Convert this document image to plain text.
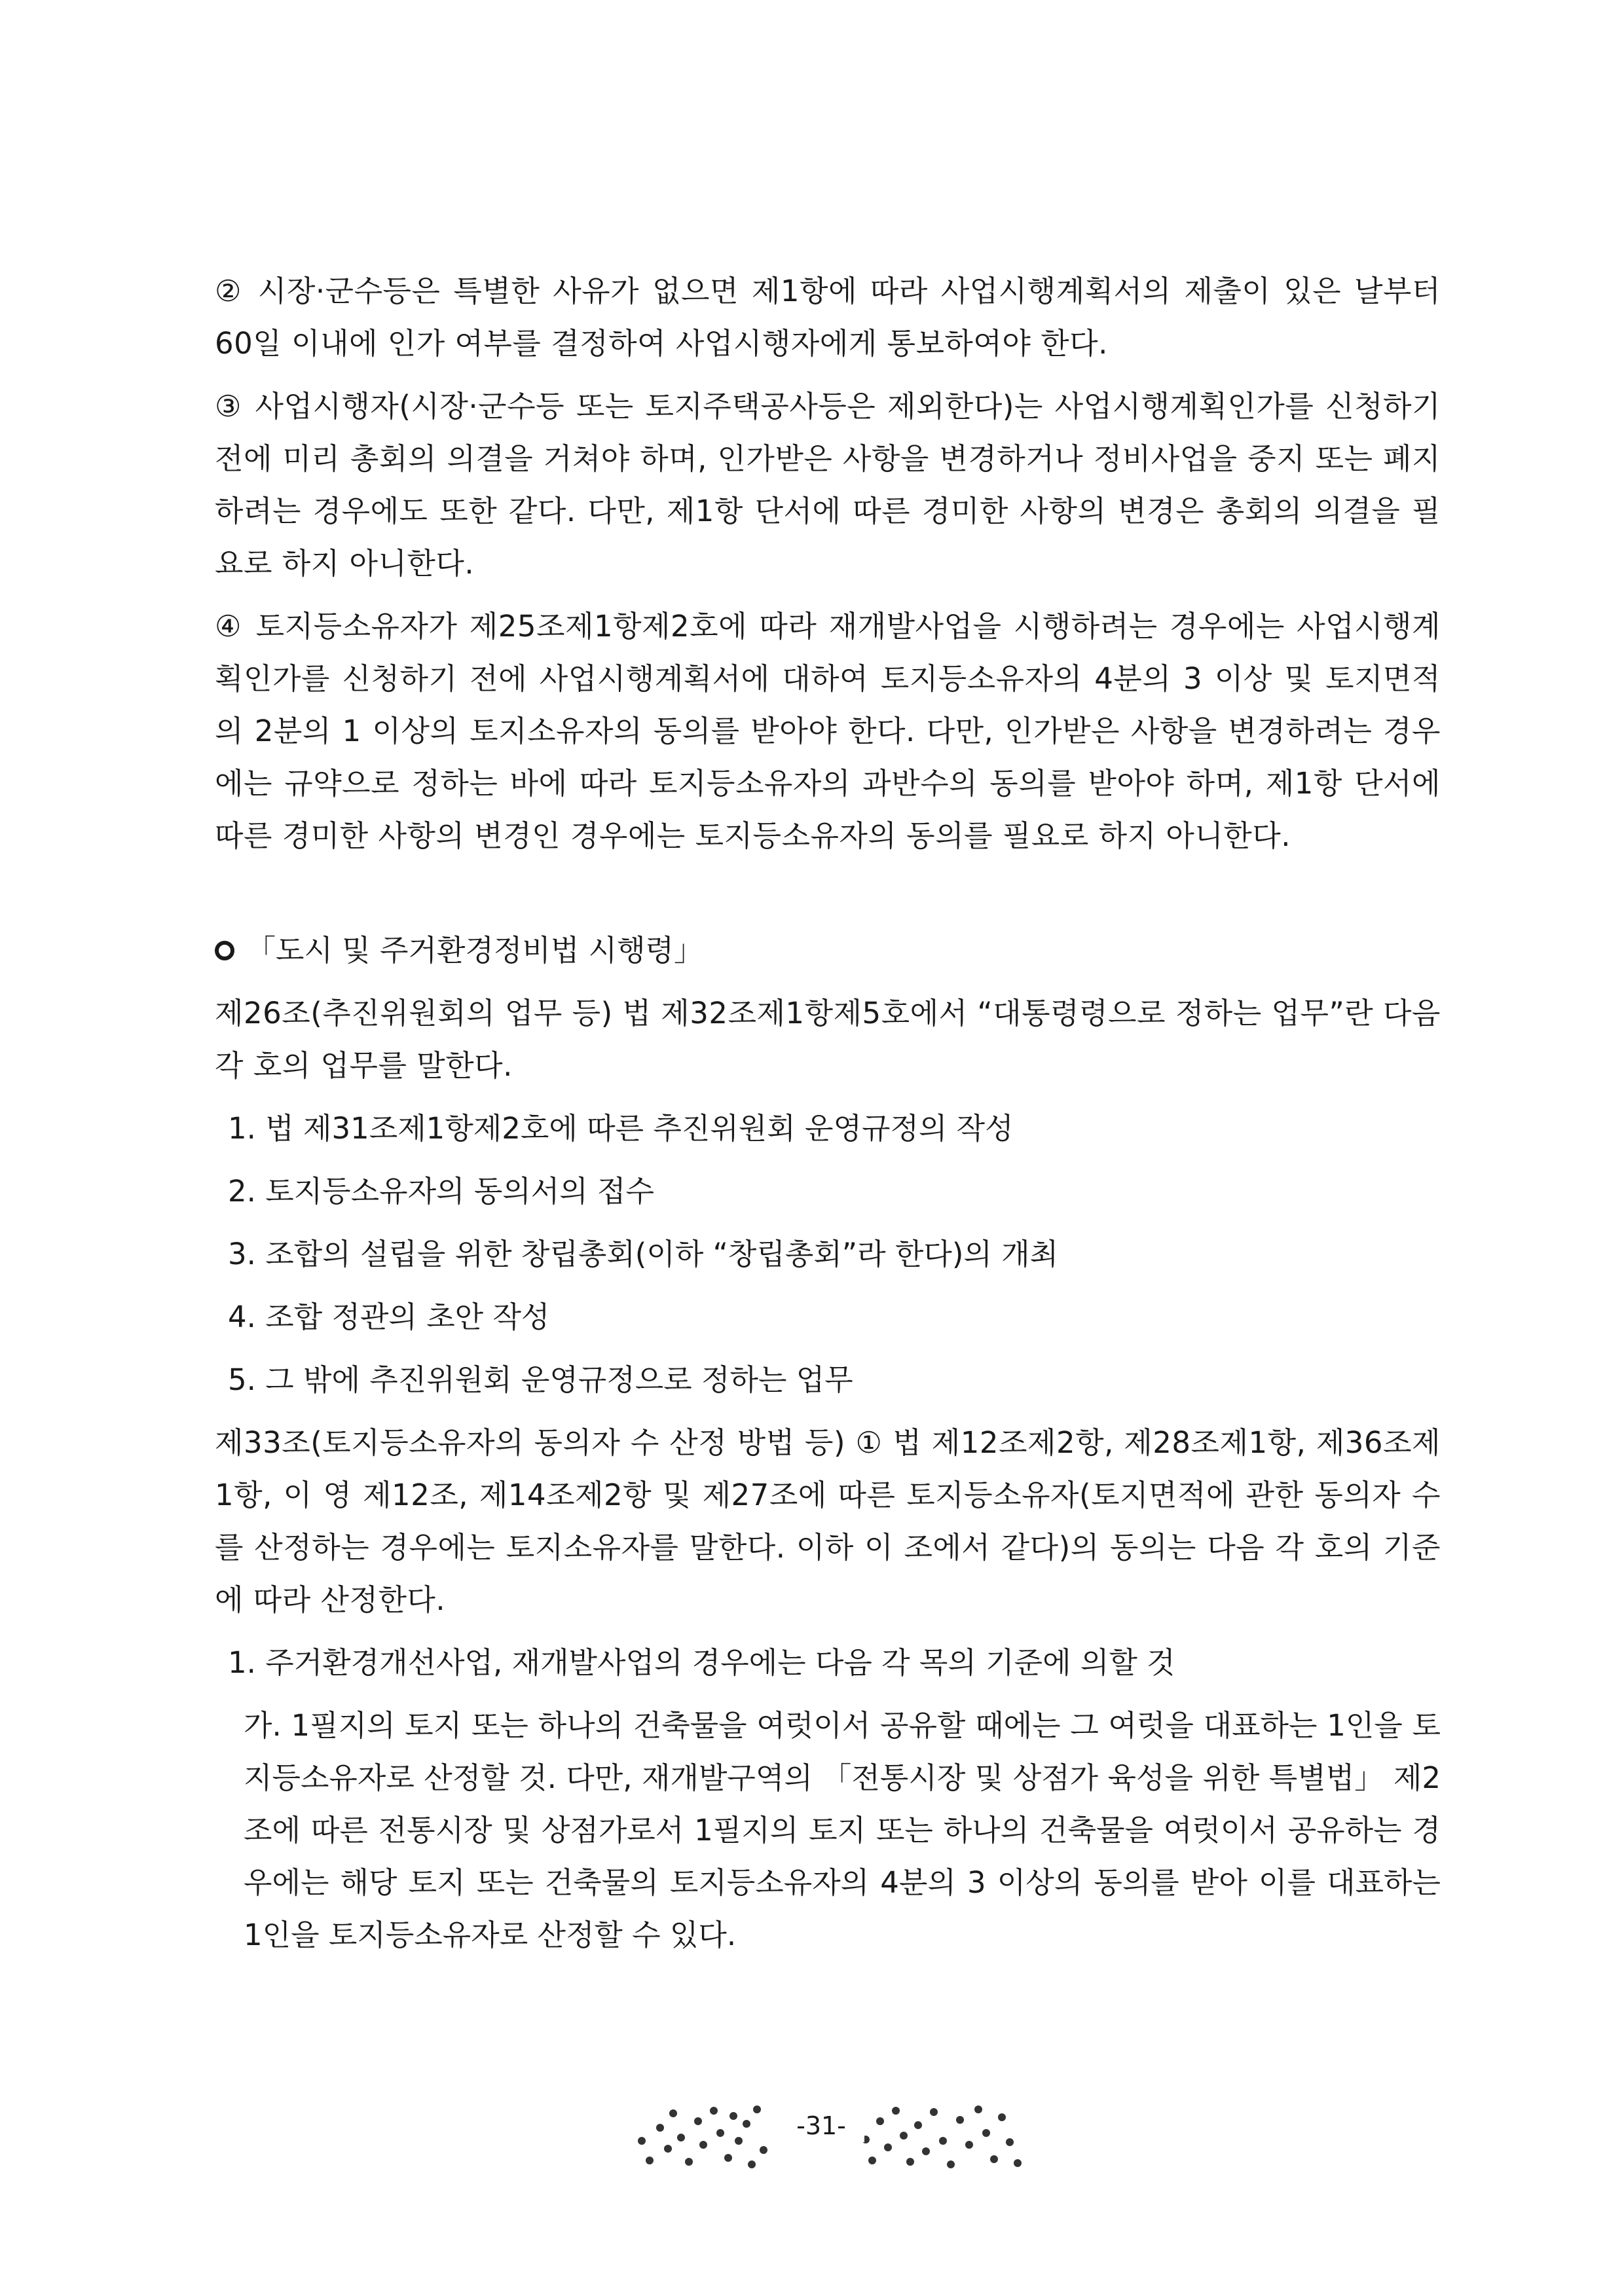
② 시장·군수등은 특별한 사유가 없으면 제1항에 따라 사업시행계획서의 제출이 있은 날부터 60일 이내에 인가 여부를 결정하여 사업시행자에게 통보하여야 한다.

③ 사업시행자(시장·군수등 또는 토지주택공사등은 제외한다)는 사업시행계획인가를 신청하기 전에 미리 총회의 의결을 거쳐야 하며, 인가받은 사항을 변경하거나 정비사업을 중지 또는 폐지하려는 경우에도 또한 같다. 다만, 제1항 단서에 따른 경미한 사항의 변경은 총회의 의결을 필요로 하지 아니한다.

④ 토지등소유자가 제25조제1항제2호에 따라 재개발사업을 시행하려는 경우에는 사업시행계획인가를 신청하기 전에 사업시행계획서에 대하여 토지등소유자의 4분의 3 이상 및 토지면적의 2분의 1 이상의 토지소유자의 동의를 받아야 한다. 다만, 인가받은 사항을 변경하려는 경우에는 규약으로 정하는 바에 따라 토지등소유자의 과반수의 동의를 받아야 하며, 제1항 단서에 따른 경미한 사항의 변경인 경우에는 토지등소유자의 동의를 필요로 하지 아니한다.

「도시 및 주거환경정비법 시행령」

제26조(추진위원회의 업무 등) 법 제32조제1항제5호에서 “대통령령으로 정하는 업무”란 다음 각 호의 업무를 말한다.

1. 법 제31조제1항제2호에 따른 추진위원회 운영규정의 작성
2. 토지등소유자의 동의서의 접수
3. 조합의 설립을 위한 창립총회(이하 “창립총회”라 한다)의 개최
4. 조합 정관의 초안 작성
5. 그 밖에 추진위원회 운영규정으로 정하는 업무

제33조(토지등소유자의 동의자 수 산정 방법 등) ① 법 제12조제2항, 제28조제1항, 제36조제1항, 이 영 제12조, 제14조제2항 및 제27조에 따른 토지등소유자(토지면적에 관한 동의자 수를 산정하는 경우에는 토지소유자를 말한다. 이하 이 조에서 같다)의 동의는 다음 각 호의 기준에 따라 산정한다.

1. 주거환경개선사업, 재개발사업의 경우에는 다음 각 목의 기준에 의할 것
가. 1필지의 토지 또는 하나의 건축물을 여럿이서 공유할 때에는 그 여럿을 대표하는 1인을 토지등소유자로 산정할 것. 다만, 재개발구역의 「전통시장 및 상점가 육성을 위한 특별법」 제2조에 따른 전통시장 및 상점가로서 1필지의 토지 또는 하나의 건축물을 여럿이서 공유하는 경우에는 해당 토지 또는 건축물의 토지등소유자의 4분의 3 이상의 동의를 받아 이를 대표하는 1인을 토지등소유자로 산정할 수 있다.
-31-
